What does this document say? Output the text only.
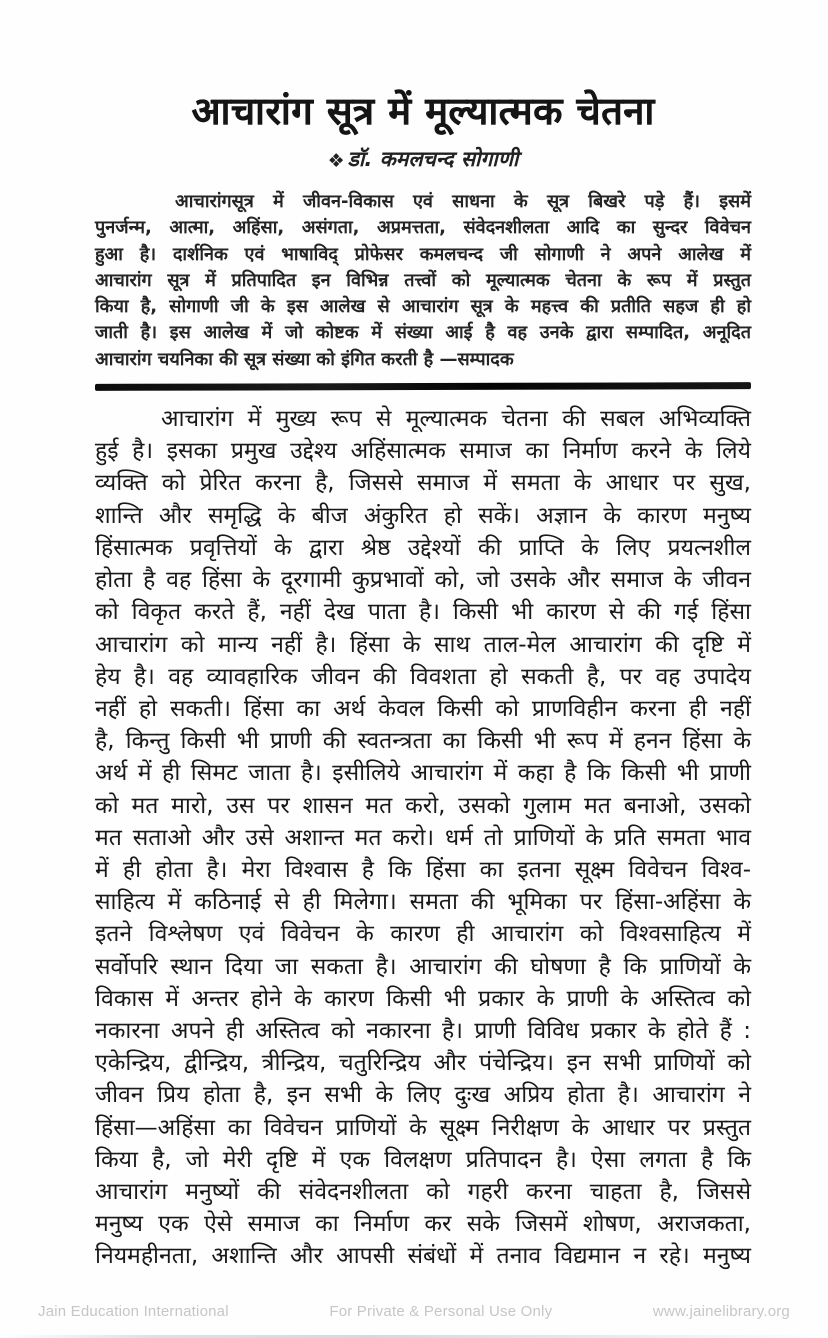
आचारांग सूत्र में मूल्यात्मक चेतना
❖ डॉ. कमलचन्द सोगाणी
आचारांगसूत्र में जीवन-विकास एवं साधना के सूत्र बिखरे पड़े हैं। इसमें
पुनर्जन्म, आत्मा, अहिंसा, असंगता, अप्रमत्तता, संवेदनशीलता आदि का सुन्दर विवेचन
हुआ है। दार्शनिक एवं भाषाविद् प्रोफेसर कमलचन्द जी सोगाणी ने अपने आलेख में
आचारांग सूत्र में प्रतिपादित इन विभिन्न तत्त्वों को मूल्यात्मक चेतना के रूप में प्रस्तुत
किया है, सोगाणी जी के इस आलेख से आचारांग सूत्र के महत्त्व की प्रतीति सहज ही हो
जाती है। इस आलेख में जो कोष्टक में संख्या आई है वह उनके द्वारा सम्पादित, अनूदित
आचारांग चयनिका की सूत्र संख्या को इंगित करती है —सम्पादक
आचारांग में मुख्य रूप से मूल्यात्मक चेतना की सबल अभिव्यक्ति
हुई है। इसका प्रमुख उद्देश्य अहिंसात्मक समाज का निर्माण करने के लिये
व्यक्ति को प्रेरित करना है, जिससे समाज में समता के आधार पर सुख,
शान्ति और समृद्धि के बीज अंकुरित हो सकें। अज्ञान के कारण मनुष्य
हिंसात्मक प्रवृत्तियों के द्वारा श्रेष्ठ उद्देश्यों की प्राप्ति के लिए प्रयत्नशील
होता है वह हिंसा के दूरगामी कुप्रभावों को, जो उसके और समाज के जीवन
को विकृत करते हैं, नहीं देख पाता है। किसी भी कारण से की गई हिंसा
आचारांग को मान्य नहीं है। हिंसा के साथ ताल-मेल आचारांग की दृष्टि में
हेय है। वह व्यावहारिक जीवन की विवशता हो सकती है, पर वह उपादेय
नहीं हो सकती। हिंसा का अर्थ केवल किसी को प्राणविहीन करना ही नहीं
है, किन्तु किसी भी प्राणी की स्वतन्त्रता का किसी भी रूप में हनन हिंसा के
अर्थ में ही सिमट जाता है। इसीलिये आचारांग में कहा है कि किसी भी प्राणी
को मत मारो, उस पर शासन मत करो, उसको गुलाम मत बनाओ, उसको
मत सताओ और उसे अशान्त मत करो। धर्म तो प्राणियों के प्रति समता भाव
में ही होता है। मेरा विश्वास है कि हिंसा का इतना सूक्ष्म विवेचन विश्व-
साहित्य में कठिनाई से ही मिलेगा। समता की भूमिका पर हिंसा-अहिंसा के
इतने विश्लेषण एवं विवेचन के कारण ही आचारांग को विश्वसाहित्य में
सर्वोपरि स्थान दिया जा सकता है। आचारांग की घोषणा है कि प्राणियों के
विकास में अन्तर होने के कारण किसी भी प्रकार के प्राणी के अस्तित्व को
नकारना अपने ही अस्तित्व को नकारना है। प्राणी विविध प्रकार के होते हैं :
एकेन्द्रिय, द्वीन्द्रिय, त्रीन्द्रिय, चतुरिन्द्रिय और पंचेन्द्रिय। इन सभी प्राणियों को
जीवन प्रिय होता है, इन सभी के लिए दुःख अप्रिय होता है। आचारांग ने
हिंसा—अहिंसा का विवेचन प्राणियों के सूक्ष्म निरीक्षण के आधार पर प्रस्तुत
किया है, जो मेरी दृष्टि में एक विलक्षण प्रतिपादन है। ऐसा लगता है कि
आचारांग मनुष्यों की संवेदनशीलता को गहरी करना चाहता है, जिससे
मनुष्य एक ऐसे समाज का निर्माण कर सके जिसमें शोषण, अराजकता,
नियमहीनता, अशान्ति और आपसी संबंधों में तनाव विद्यमान न रहे। मनुष्य
Jain Education International	For Private & Personal Use Only	www.jainelibrary.org
